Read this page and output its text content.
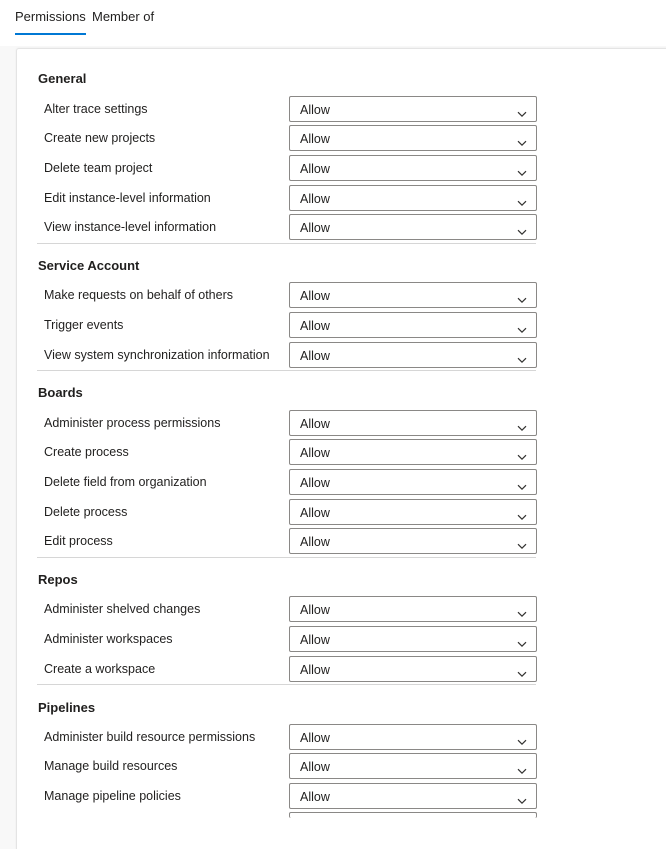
Permissions Member of
General
Alter trace settings	Allow
Create new projects	Allow
Delete team project	Allow
Edit instance-level information	Allow
View instance-level information	Allow
Service Account
Make requests on behalf of others	Allow
Trigger events	Allow
View system synchronization information Allow
Boards
Administer process permissions	Allow
Create process	Allow
Delete field from organization	Allow
Delete process	Allow
Edit process	Allow
Repos
Administer shelved changes	Allow
Administer workspaces	Allow
Create a workspace	Allow
Pipelines
Administer build resource permissions	Allow
Manage build resources	Allow
Manage pipeline policies	Allow
